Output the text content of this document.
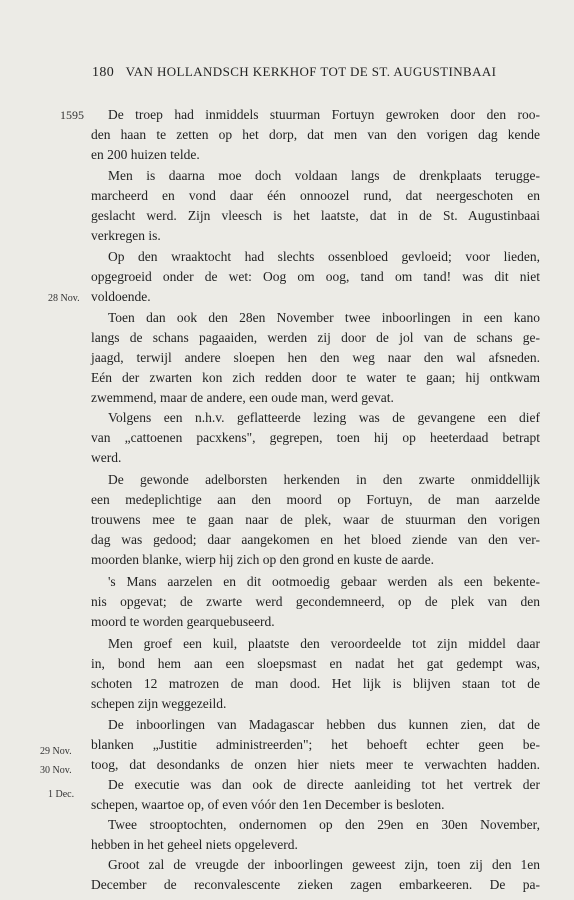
180 VAN HOLLANDSCH KERKHOF TOT DE ST. AUGUSTINBAAI
1595
28 Nov.
29 Nov.
30 Nov.
1 Dec.
De troep had inmiddels stuurman Fortuyn gewroken door den roo-
den haan te zetten op het dorp, dat men van den vorigen dag kende
en 200 huizen telde.
Men is daarna moe doch voldaan langs de drenkplaats terugge-
marcheerd en vond daar één onnoozel rund, dat neergeschoten en
geslacht werd. Zijn vleesch is het laatste, dat in de St. Augustinbaai
verkregen is.
Op den wraaktocht had slechts ossenbloed gevloeid; voor lieden,
opgegroeid onder de wet: Oog om oog, tand om tand! was dit niet
voldoende.
Toen dan ook den 28en November twee inboorlingen in een kano
langs de schans pagaaiden, werden zij door de jol van de schans ge-
jaagd, terwijl andere sloepen hen den weg naar den wal afsneden.
Eén der zwarten kon zich redden door te water te gaan; hij ontkwam
zwemmend, maar de andere, een oude man, werd gevat.
Volgens een n.h.v. geflatteerde lezing was de gevangene een dief
van „cattoenen pacxkens", gegrepen, toen hij op heeterdaad betrapt
werd.
De gewonde adelborsten herkenden in den zwarte onmiddellijk
een medeplichtige aan den moord op Fortuyn, de man aarzelde
trouwens mee te gaan naar de plek, waar de stuurman den vorigen
dag was gedood; daar aangekomen en het bloed ziende van den ver-
moorden blanke, wierp hij zich op den grond en kuste de aarde.
's Mans aarzelen en dit ootmoedig gebaar werden als een bekente-
nis opgevat; de zwarte werd gecondemneerd, op de plek van den
moord te worden gearquebuseerd.
Men groef een kuil, plaatste den veroordeelde tot zijn middel daar
in, bond hem aan een sloepsmast en nadat het gat gedempt was,
schoten 12 matrozen de man dood. Het lijk is blijven staan tot de
schepen zijn weggezeild.
De inboorlingen van Madagascar hebben dus kunnen zien, dat de
blanken „Justitie administreerden"; het behoeft echter geen be-
toog, dat desondanks de onzen hier niets meer te verwachten hadden.
De executie was dan ook de directe aanleiding tot het vertrek der
schepen, waartoe op, of even vóór den 1en December is besloten.
Twee strooptochten, ondernomen op den 29en en 30en November,
hebben in het geheel niets opgeleverd.
Groot zal de vreugde der inboorlingen geweest zijn, toen zij den 1en
December de reconvalescente zieken zagen embarkeeren. De pa-
